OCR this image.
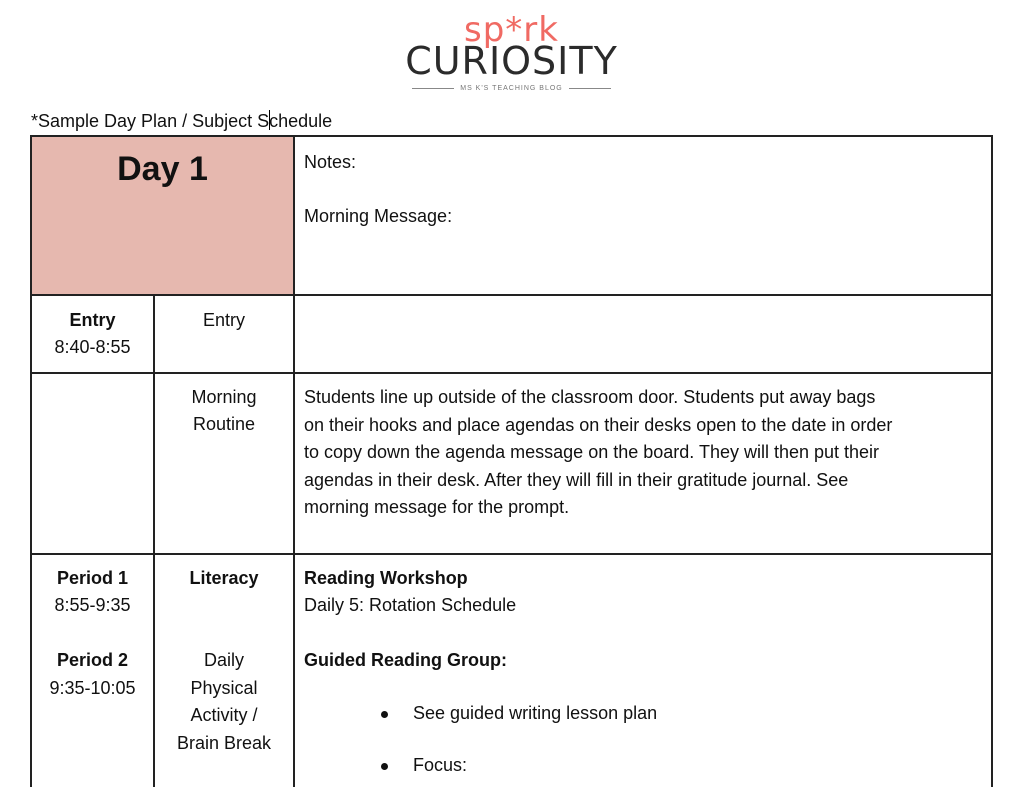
sp*rk
CURIOSITY
MS K'S TEACHING BLOG
*Sample Day Plan / Subject Schedule
Day 1	Notes:
Morning Message:
Entry
8:40-8:55
Entry
Morning
Routine
Students line up outside of the classroom door. Students put away bags
on their hooks and place agendas on their desks open to the date in order
to copy down the agenda message on the board. They will then put their
agendas in their desk. After they will fill in their gratitude journal. See
morning message for the prompt.
Period 1
8:55-9:35
Period 2
9:35-10:05
Literacy
Daily
Physical
Activity /
Brain Break
Reading Workshop
Daily 5: Rotation Schedule
Guided Reading Group:
See guided writing lesson plan
Focus:
